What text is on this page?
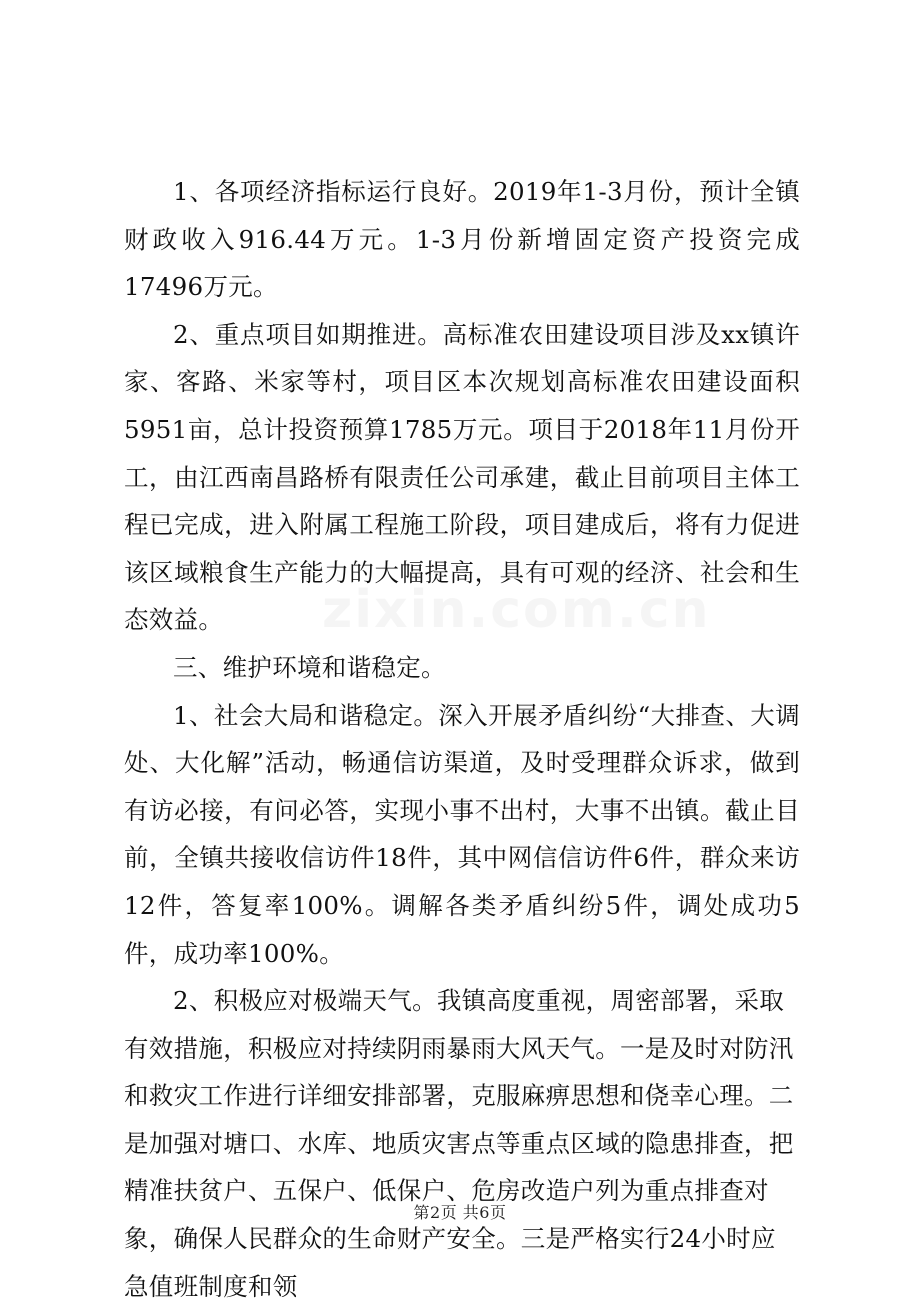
zixin.com.cn

1、各项经济指标运行良好。2019年1-3月份，预计全镇财政收入916.44万元。1-3月份新增固定资产投资完成17496万元。

2、重点项目如期推进。高标准农田建设项目涉及xx镇许家、客路、米家等村，项目区本次规划高标准农田建设面积5951亩，总计投资预算1785万元。项目于2018年11月份开工，由江西南昌路桥有限责任公司承建，截止目前项目主体工程已完成，进入附属工程施工阶段，项目建成后，将有力促进该区域粮食生产能力的大幅提高，具有可观的经济、社会和生态效益。

三、维护环境和谐稳定。

1、社会大局和谐稳定。深入开展矛盾纠纷“大排查、大调处、大化解”活动，畅通信访渠道，及时受理群众诉求，做到有访必接，有问必答，实现小事不出村，大事不出镇。截止目前，全镇共接收信访件18件，其中网信信访件6件，群众来访12件，答复率100%。调解各类矛盾纠纷5件，调处成功5件，成功率100%。

2、积极应对极端天气。我镇高度重视，周密部署，采取有效措施，积极应对持续阴雨暴雨大风天气。一是及时对防汛和救灾工作进行详细安排部署，克服麻痹思想和侥幸心理。二是加强对塘口、水库、地质灾害点等重点区域的隐患排查，把精准扶贫户、五保户、低保户、危房改造户列为重点排查对象，确保人民群众的生命财产安全。三是严格实行24小时应急值班制度和领

第2页 共6页
